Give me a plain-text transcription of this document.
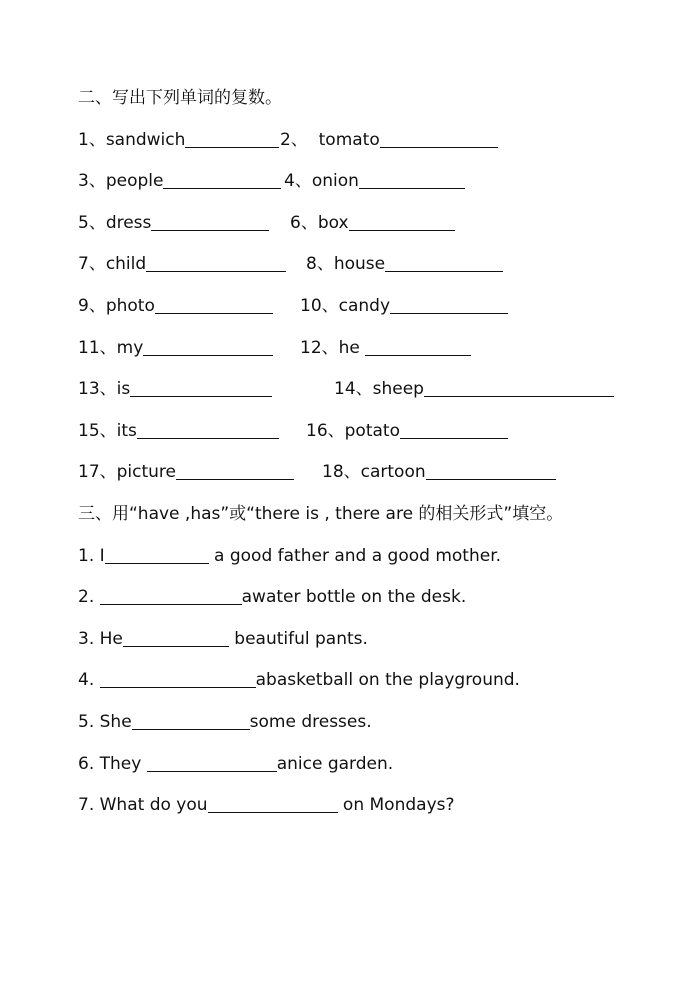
二、写出下列单词的复数。

1、sandwich

	2、  tomato

3、people

	4、onion

5、dress

	6、box

7、child

	8、house

9、photo

	10、candy

11、my

	12、he

13、is

	14、sheep

15、its

	16、potato

17、picture

	18、cartoon

三、用“have ,has”或“there is , there are 的相关形式”填空。
1. I	a good father and a good mother.
2.	awater bottle on the desk.
3. He	beautiful pants.
4.	abasketball on the playground.
5. She	some dresses.
6. They	anice garden.
7. What do you	on Mondays?
